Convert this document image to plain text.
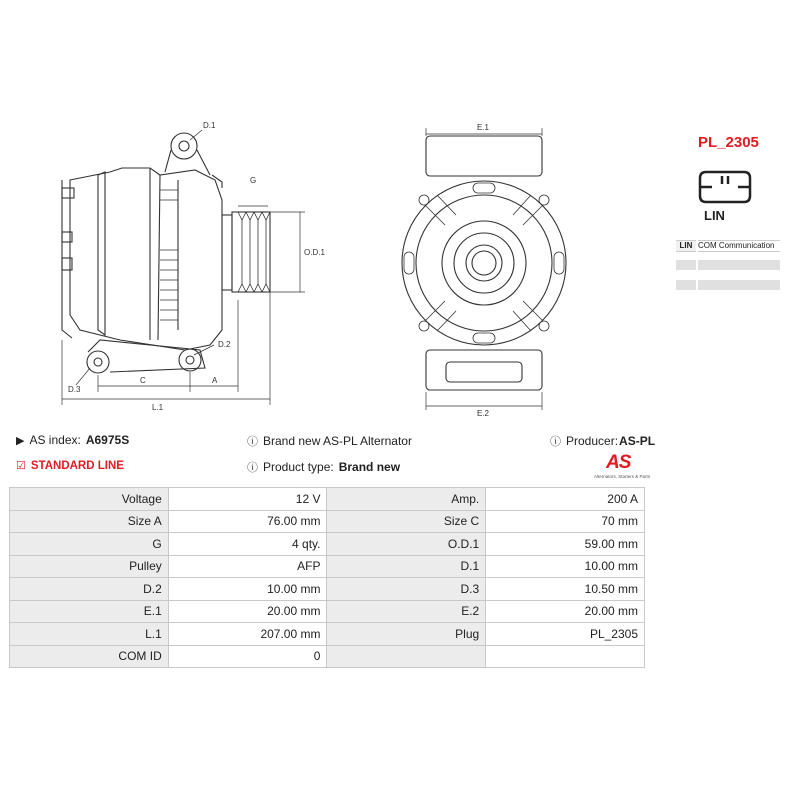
D.1
G
O.D.1
D.2
D.3
C	A
L.1
E.1
E.2
PL_2305
LIN
LIN COM Communication
▶ AS index: A6975S
☑ STANDARD LINE
ⓘ Brand new AS-PL Alternator
ⓘ Product type: Brand new
ⓘ Producer: AS-PL
AS
Alternators, Starters & Parts
Voltage	12 V	Amp.	200 A
Size A	76.00 mm	Size C	70 mm
G	4 qty.	O.D.1	59.00 mm
Pulley	AFP	D.1	10.00 mm
D.2	10.00 mm	D.3	10.50 mm
E.1	20.00 mm	E.2	20.00 mm
L.1	207.00 mm	Plug	PL_2305
COM ID	0		
